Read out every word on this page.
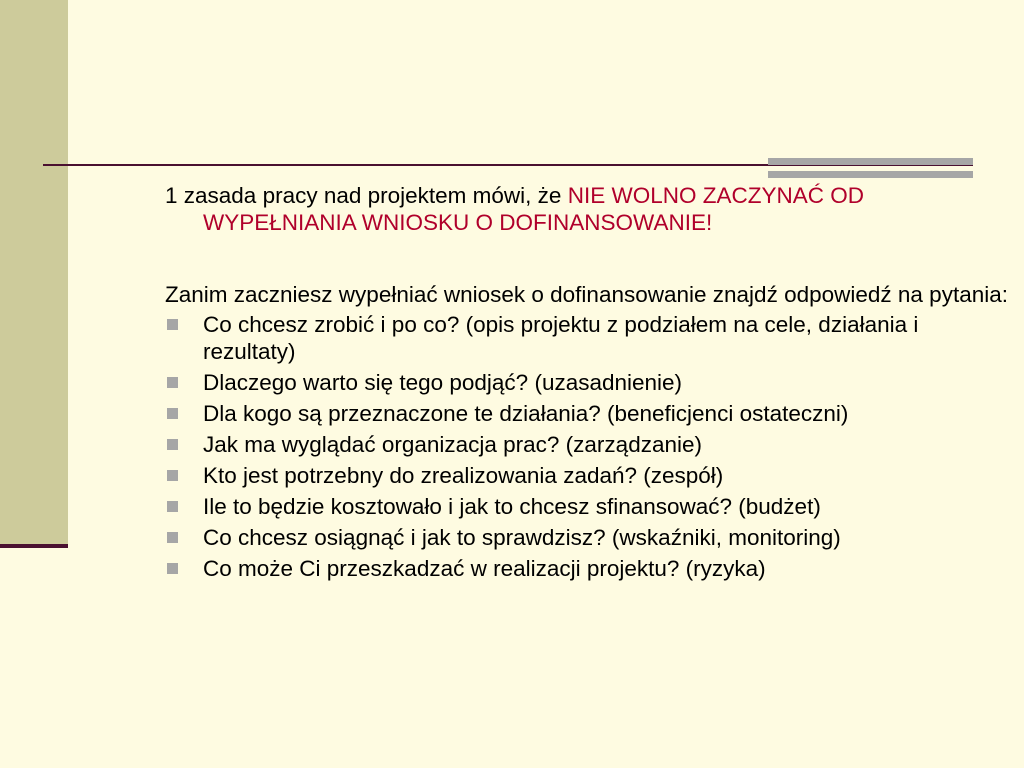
1 zasada pracy nad projektem mówi, że NIE WOLNO ZACZYNAĆ OD WYPEŁNIANIA WNIOSKU O DOFINANSOWANIE!

Zanim zaczniesz wypełniać wniosek o dofinansowanie znajdź odpowiedź na pytania:

Co chcesz zrobić i po co? (opis projektu z podziałem na cele, działania i rezultaty)
Dlaczego warto się tego podjąć? (uzasadnienie)
Dla kogo są przeznaczone te działania? (beneficjenci ostateczni)
Jak ma wyglądać organizacja prac? (zarządzanie)
Kto jest potrzebny do zrealizowania zadań? (zespół)
Ile to będzie kosztowało i jak to chcesz sfinansować? (budżet)
Co chcesz osiągnąć i jak to sprawdzisz? (wskaźniki, monitoring)
Co może Ci przeszkadzać w realizacji projektu? (ryzyka)
